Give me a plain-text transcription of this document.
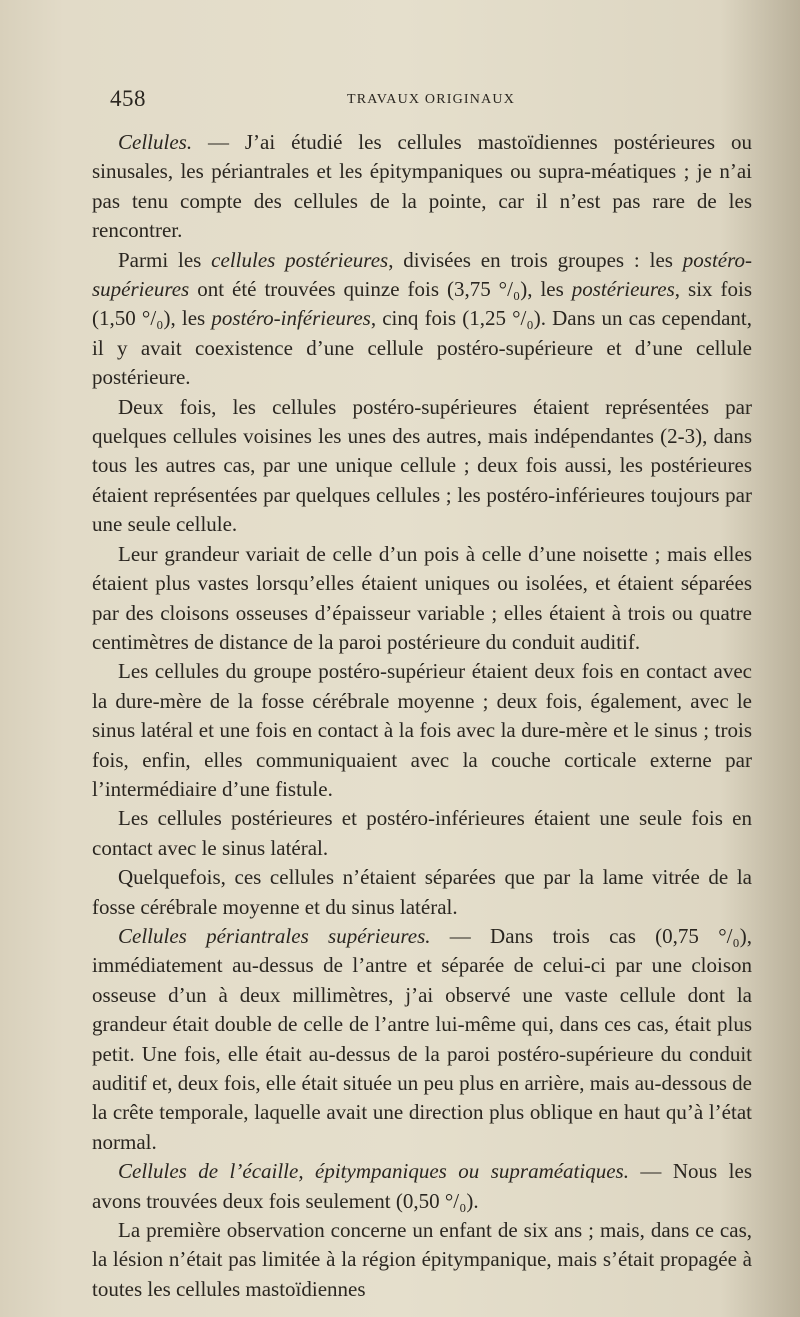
458	TRAVAUX ORIGINAUX

Cellules. — J’ai étudié les cellules mastoïdiennes postérieures ou sinusales, les périantrales et les épitympaniques ou supra-méatiques ; je n’ai pas tenu compte des cellules de la pointe, car il n’est pas rare de les rencontrer.

Parmi les cellules postérieures, divisées en trois groupes : les postéro-supérieures ont été trouvées quinze fois (3,75 °/₀), les postérieures, six fois (1,50 °/₀), les postéro-inférieures, cinq fois (1,25 °/₀). Dans un cas cependant, il y avait coexistence d’une cellule postéro-supérieure et d’une cellule postérieure.

Deux fois, les cellules postéro-supérieures étaient représentées par quelques cellules voisines les unes des autres, mais indépendantes (2-3), dans tous les autres cas, par une unique cellule ; deux fois aussi, les postérieures étaient représentées par quelques cellules ; les postéro-inférieures toujours par une seule cellule.

Leur grandeur variait de celle d’un pois à celle d’une noisette ; mais elles étaient plus vastes lorsqu’elles étaient uniques ou isolées, et étaient séparées par des cloisons osseuses d’épaisseur variable ; elles étaient à trois ou quatre centimètres de distance de la paroi postérieure du conduit auditif.

Les cellules du groupe postéro-supérieur étaient deux fois en contact avec la dure-mère de la fosse cérébrale moyenne ; deux fois, également, avec le sinus latéral et une fois en contact à la fois avec la dure-mère et le sinus ; trois fois, enfin, elles communiquaient avec la couche corticale externe par l’intermédiaire d’une fistule.

Les cellules postérieures et postéro-inférieures étaient une seule fois en contact avec le sinus latéral.

Quelquefois, ces cellules n’étaient séparées que par la lame vitrée de la fosse cérébrale moyenne et du sinus latéral.

Cellules périantrales supérieures. — Dans trois cas (0,75 °/₀), immédiatement au-dessus de l’antre et séparée de celui-ci par une cloison osseuse d’un à deux millimètres, j’ai observé une vaste cellule dont la grandeur était double de celle de l’antre lui-même qui, dans ces cas, était plus petit. Une fois, elle était au-dessus de la paroi postéro-supérieure du conduit auditif et, deux fois, elle était située un peu plus en arrière, mais au-dessous de la crête temporale, laquelle avait une direction plus oblique en haut qu’à l’état normal.

Cellules de l’écaille, épitympaniques ou supraméatiques. — Nous les avons trouvées deux fois seulement (0,50 °/₀).

La première observation concerne un enfant de six ans ; mais, dans ce cas, la lésion n’était pas limitée à la région épitympanique, mais s’était propagée à toutes les cellules mastoïdiennes
